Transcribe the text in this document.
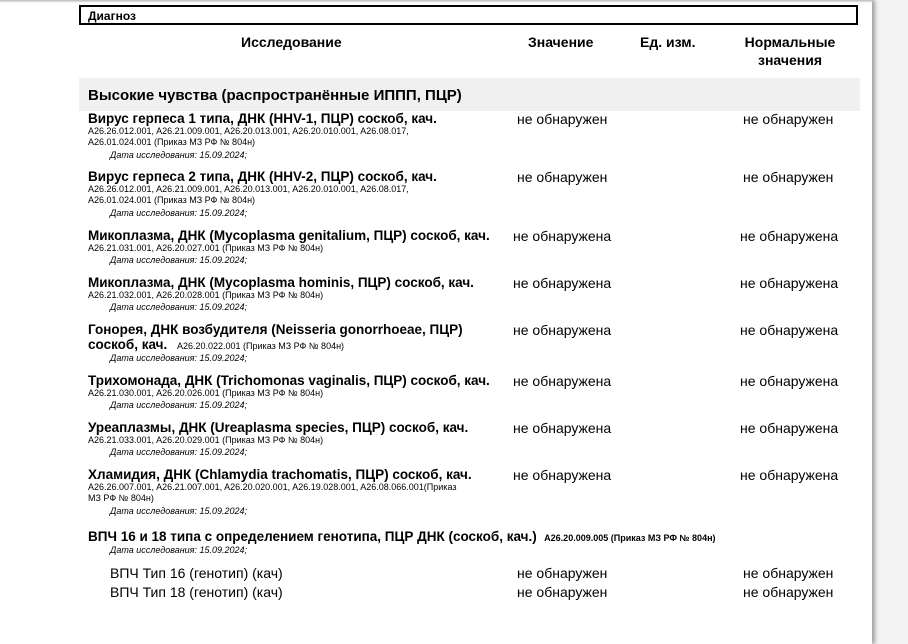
Диагноз
Исследование	Значение	Ед. изм.	Нормальные
значения
Высокие чувства (распространённые ИППП, ПЦР)
Вирус герпеса 1 типа, ДНК (HHV-1, ПЦР) соскоб, кач.	не обнаружен	не обнаружен
A26.26.012.001, A26.21.009.001, A26.20.013.001, A26.20.010.001, A26.08.017,
A26.01.024.001 (Приказ МЗ РФ № 804н)
Дата исследования: 15.09.2024;
Вирус герпеса 2 типа, ДНК (HHV-2, ПЦР) соскоб, кач.	не обнаружен	не обнаружен
A26.26.012.001, A26.21.009.001, A26.20.013.001, A26.20.010.001, A26.08.017,
A26.01.024.001 (Приказ МЗ РФ № 804н)
Дата исследования: 15.09.2024;
Микоплазма, ДНК (Mycoplasma genitalium, ПЦР) соскоб, кач. не обнаружена	не обнаружена
A26.21.031.001, A26.20.027.001 (Приказ МЗ РФ № 804н)
Дата исследования: 15.09.2024;
Микоплазма, ДНК (Mycoplasma hominis, ПЦР) соскоб, кач.	не обнаружена	не обнаружена
A26.21.032.001, A26.20.028.001 (Приказ МЗ РФ № 804н)
Дата исследования: 15.09.2024;
Гонорея, ДНК возбудителя (Neisseria gonorrhoeae, ПЦР)	не обнаружена	не обнаружена
соскоб, кач. A26.20.022.001 (Приказ МЗ РФ № 804н)
Дата исследования: 15.09.2024;
Трихомонада, ДНК (Trichomonas vaginalis, ПЦР) соскоб, кач. не обнаружена	не обнаружена
A26.21.030.001, A26.20.026.001 (Приказ МЗ РФ № 804н)
Дата исследования: 15.09.2024;
Уреаплазмы, ДНК (Ureaplasma species, ПЦР) соскоб, кач.	не обнаружена	не обнаружена
A26.21.033.001, A26.20.029.001 (Приказ МЗ РФ № 804н)
Дата исследования: 15.09.2024;
Хламидия, ДНК (Chlamydia trachomatis, ПЦР) соскоб, кач.	не обнаружена	не обнаружена
A26.26.007.001, A26.21.007.001, A26.20.020.001, A26.19.028.001, A26.08.066.001(Приказ
МЗ РФ № 804н)
Дата исследования: 15.09.2024;
ВПЧ 16 и 18 типа с определением генотипа, ПЦР ДНК (соскоб, кач.) A26.20.009.005 (Приказ МЗ РФ № 804н)
Дата исследования: 15.09.2024;
ВПЧ Тип 16 (генотип) (кач)	не обнаружен	не обнаружен
ВПЧ Тип 18 (генотип) (кач)	не обнаружен	не обнаружен
